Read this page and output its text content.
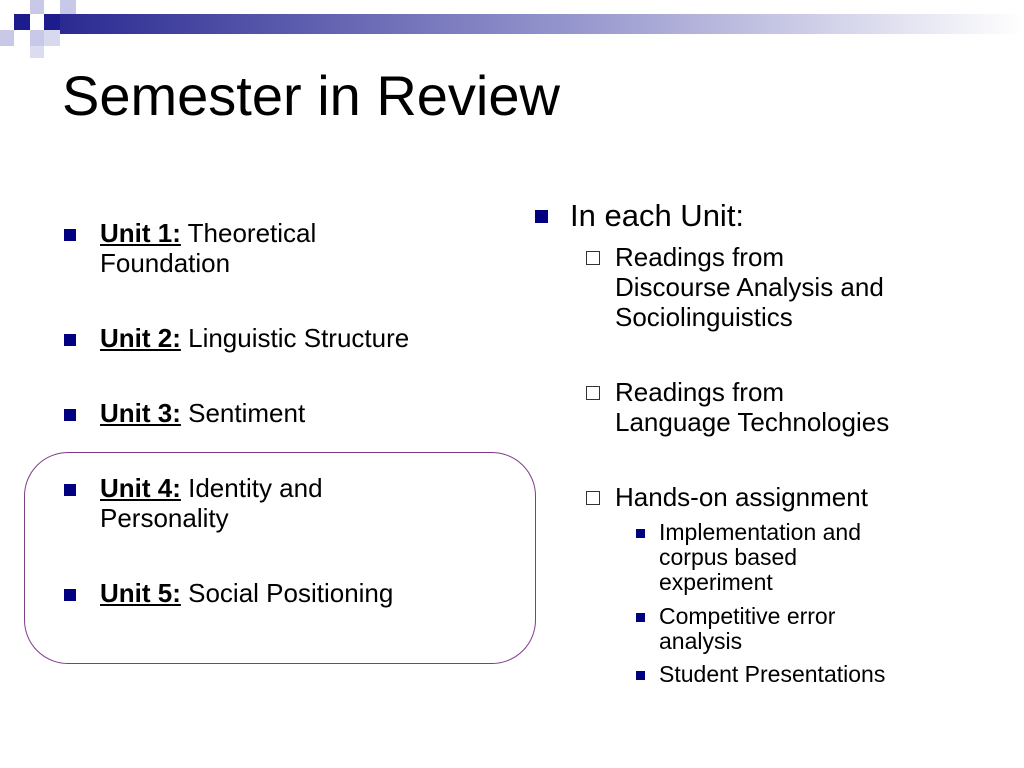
Semester in Review
Unit 1: Theoretical
Foundation
Unit 2: Linguistic Structure
Unit 3: Sentiment
Unit 4: Identity and
Personality
Unit 5: Social Positioning
In each Unit:
Readings from
Discourse Analysis and
Sociolinguistics
Readings from
Language Technologies
Hands-on assignment
Implementation and
corpus based
experiment
Competitive error
analysis
Student Presentations
